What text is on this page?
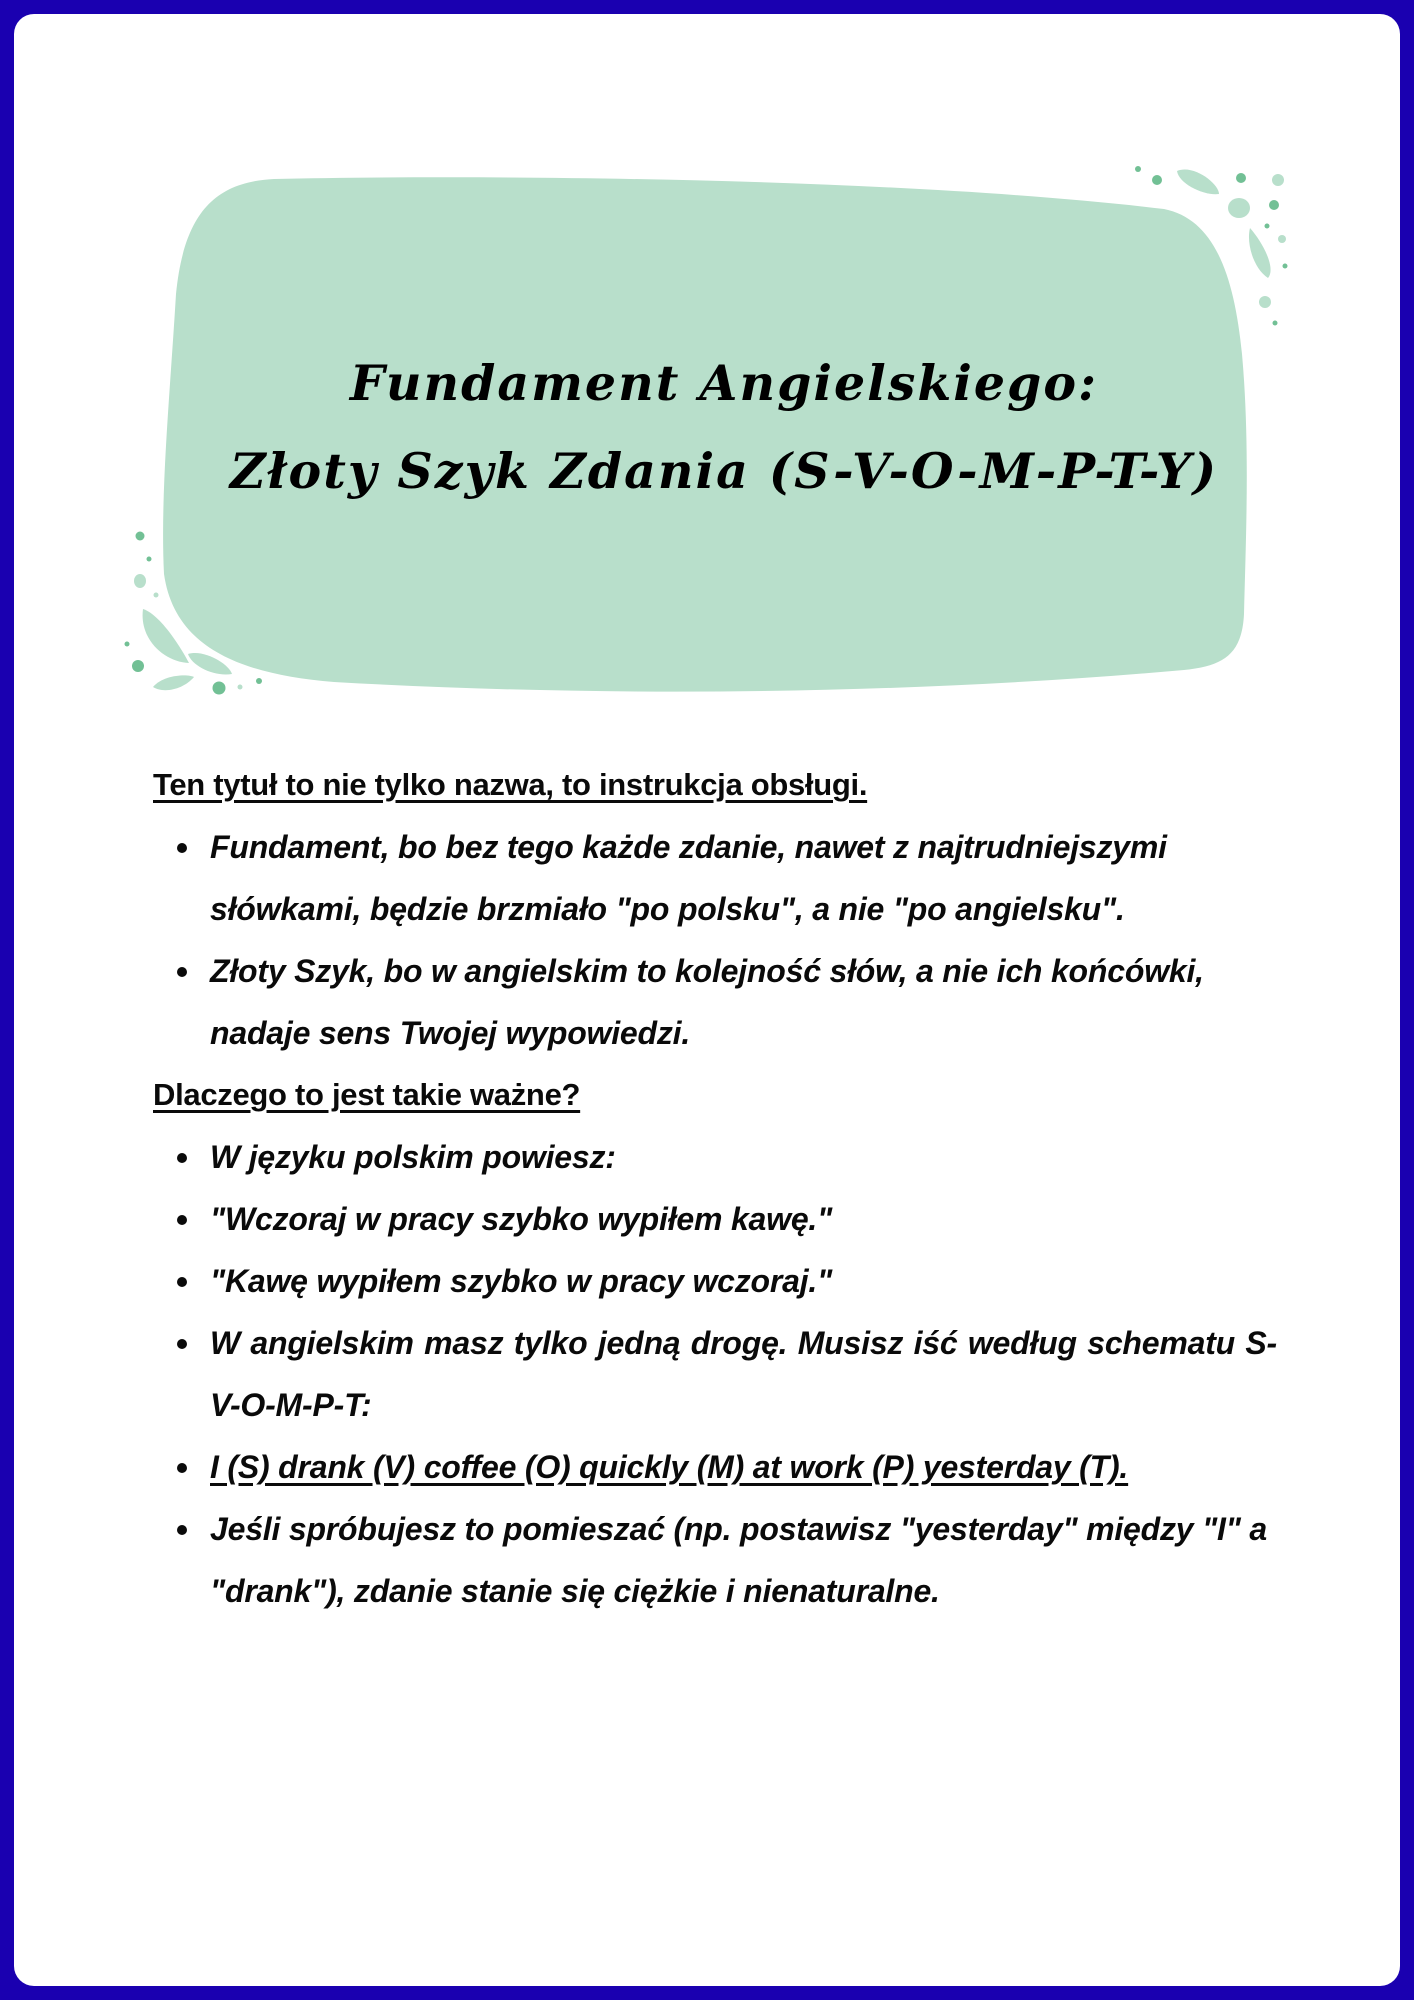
Fundament Angielskiego:
Złoty Szyk Zdania (S-V-O-M-P-T-Y)
Ten tytuł to nie tylko nazwa, to instrukcja obsługi.
Fundament, bo bez tego każde zdanie, nawet z najtrudniejszymi słówkami, będzie brzmiało "po polsku", a nie "po angielsku".
Złoty Szyk, bo w angielskim to kolejność słów, a nie ich końcówki, nadaje sens Twojej wypowiedzi.
Dlaczego to jest takie ważne?
W języku polskim powiesz:
"Wczoraj w pracy szybko wypiłem kawę."
"Kawę wypiłem szybko w pracy wczoraj."
W angielskim masz tylko jedną drogę. Musisz iść według schematu S-V-O-M-P-T:
I (S) drank (V) coffee (O) quickly (M) at work (P) yesterday (T).
Jeśli spróbujesz to pomieszać (np. postawisz "yesterday" między "I" a "drank"), zdanie stanie się ciężkie i nienaturalne.
